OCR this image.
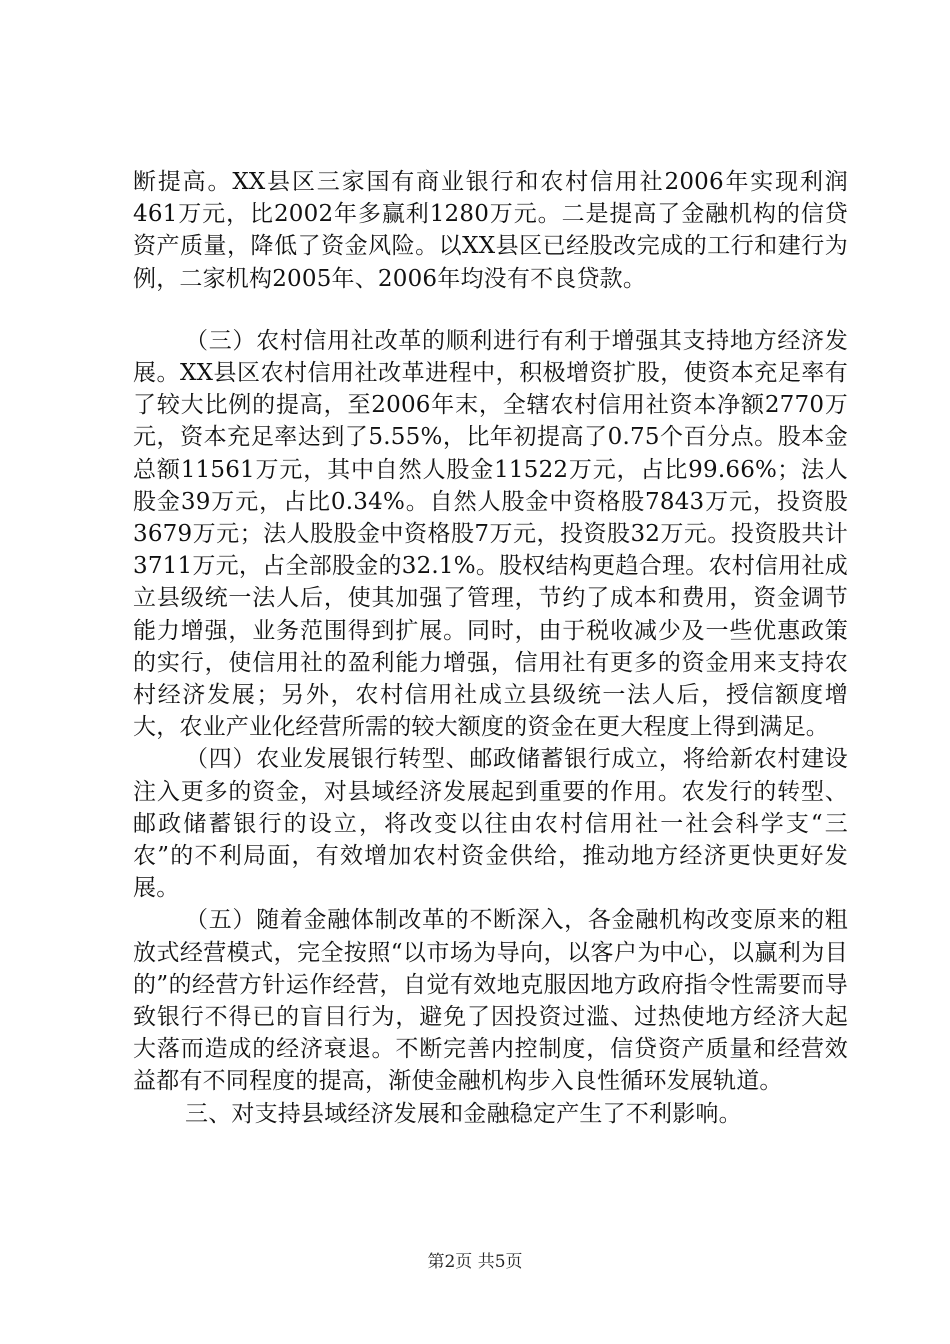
断提高。XX县区三家国有商业银行和农村信用社2006年实现利润461万元，比2002年多赢利1280万元。二是提高了金融机构的信贷资产质量，降低了资金风险。以XX县区已经股改完成的工行和建行为例，二家机构2005年、2006年均没有不良贷款。

（三）农村信用社改革的顺利进行有利于增强其支持地方经济发展。XX县区农村信用社改革进程中，积极增资扩股，使资本充足率有了较大比例的提高，至2006年末，全辖农村信用社资本净额2770万元，资本充足率达到了5.55%，比年初提高了0.75个百分点。股本金总额11561万元，其中自然人股金11522万元，占比99.66%；法人股金39万元，占比0.34%。自然人股金中资格股7843万元，投资股3679万元；法人股股金中资格股7万元，投资股32万元。投资股共计3711万元，占全部股金的32.1%。股权结构更趋合理。农村信用社成立县级统一法人后，使其加强了管理，节约了成本和费用，资金调节能力增强，业务范围得到扩展。同时，由于税收减少及一些优惠政策的实行，使信用社的盈利能力增强，信用社有更多的资金用来支持农村经济发展；另外，农村信用社成立县级统一法人后，授信额度增大，农业产业化经营所需的较大额度的资金在更大程度上得到满足。

（四）农业发展银行转型、邮政储蓄银行成立，将给新农村建设注入更多的资金，对县域经济发展起到重要的作用。农发行的转型、邮政储蓄银行的设立，将改变以往由农村信用社一社会科学支“三农”的不利局面，有效增加农村资金供给，推动地方经济更快更好发展。

（五）随着金融体制改革的不断深入，各金融机构改变原来的粗放式经营模式，完全按照“以市场为导向，以客户为中心，以赢利为目的”的经营方针运作经营，自觉有效地克服因地方政府指令性需要而导致银行不得已的盲目行为，避免了因投资过滥、过热使地方经济大起大落而造成的经济衰退。不断完善内控制度，信贷资产质量和经营效益都有不同程度的提高，渐使金融机构步入良性循环发展轨道。

三、对支持县域经济发展和金融稳定产生了不利影响。

第2页 共5页
